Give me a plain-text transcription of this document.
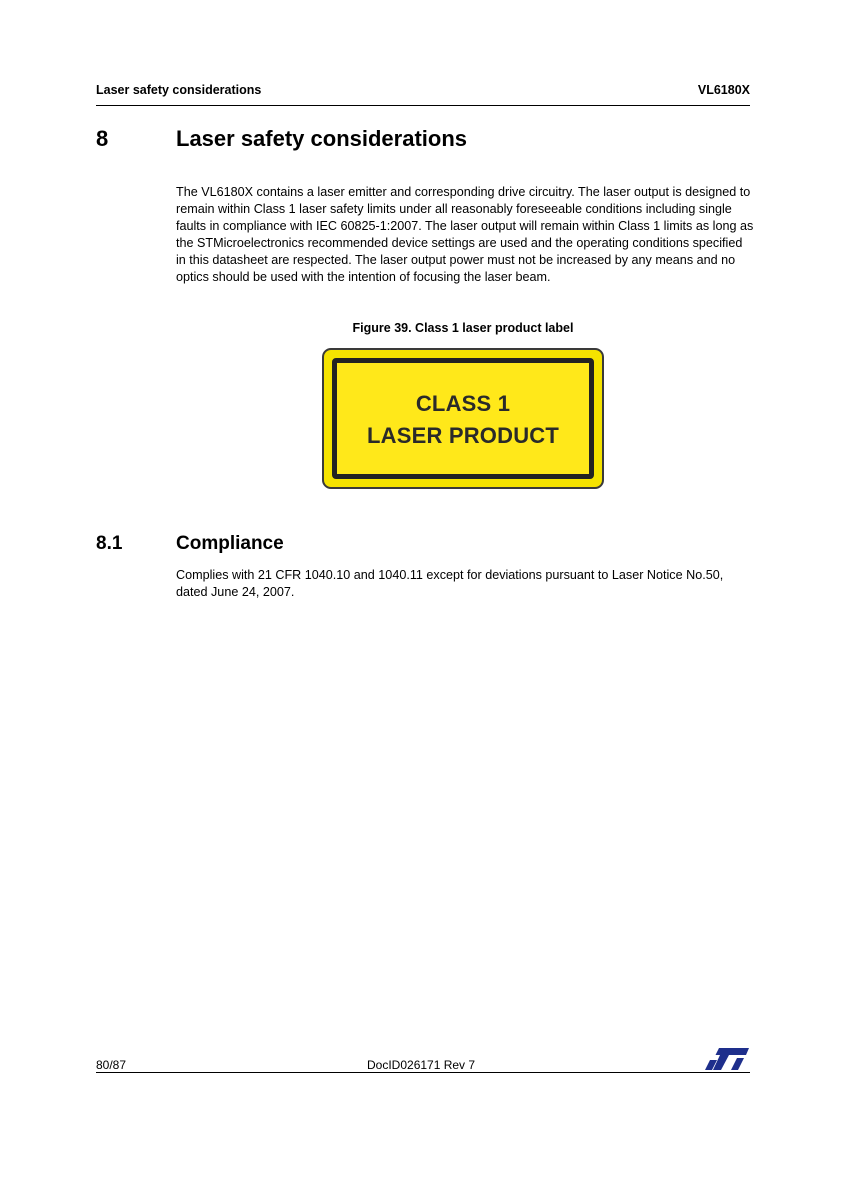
Laser safety considerations	VL6180X
8	Laser safety considerations

The VL6180X contains a laser emitter and corresponding drive circuitry. The laser output is designed to remain within Class 1 laser safety limits under all reasonably foreseeable conditions including single faults in compliance with IEC 60825-1:2007. The laser output will remain within Class 1 limits as long as the STMicroelectronics recommended device settings are used and the operating conditions specified in this datasheet are respected. The laser output power must not be increased by any means and no optics should be used with the intention of focusing the laser beam.

Figure 39. Class 1 laser product label
CLASS 1
LASER PRODUCT
8.1	Compliance

Complies with 21 CFR 1040.10 and 1040.11 except for deviations pursuant to Laser Notice No.50, dated June 24, 2007.

80/87	DocID026171 Rev 7
